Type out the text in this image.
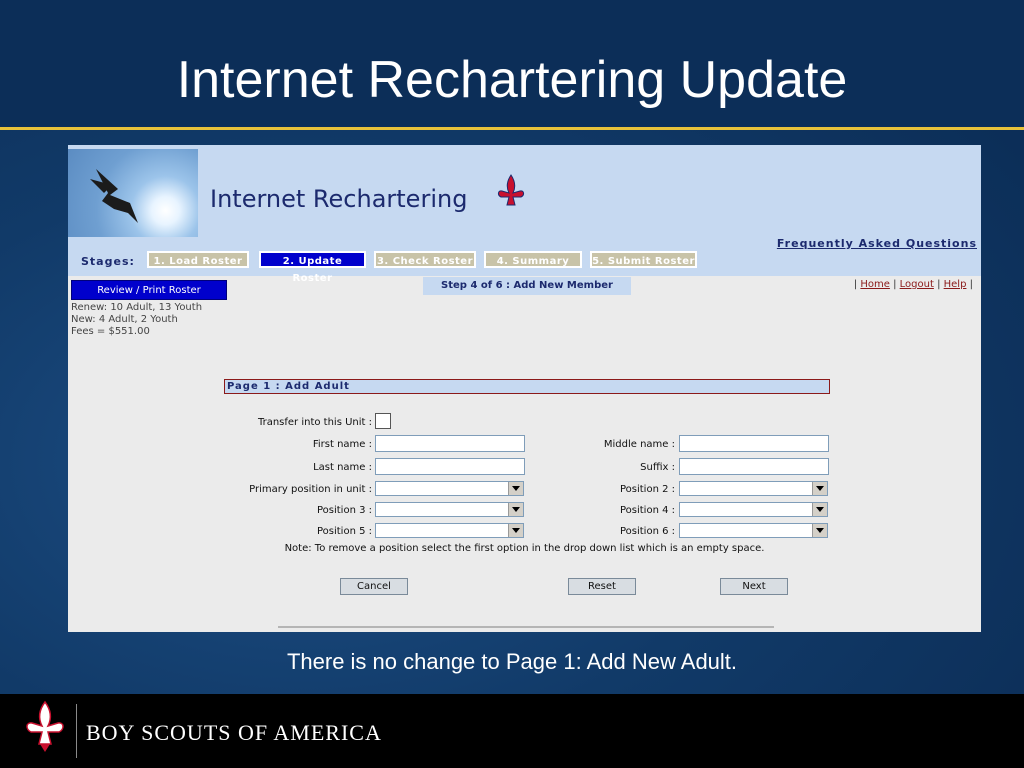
Internet Rechartering Update
Internet Rechartering
Frequently Asked Questions
Stages:	1. Load Roster	2. Update Roster
3. Check Roster	4. Summary	5. Submit Roster
Review / Print Roster	Step 4 of 6 : Add New Member	| Home | Logout | Help |
Renew: 10 Adult, 13 Youth
New: 4 Adult, 2 Youth
Fees = $551.00
Page 1 : Add Adult
Transfer into this Unit :
First name :	Middle name :
Last name :	Suffix :
Primary position in unit :	Position 2 :
Position 3 :	Position 4 :
Position 5 :	Position 6 :
Note: To remove a position select the first option in the drop down list which is an empty space.
Cancel	Reset	Next
There is no change to Page 1: Add New Adult.
BOY SCOUTS OF AMERICA
